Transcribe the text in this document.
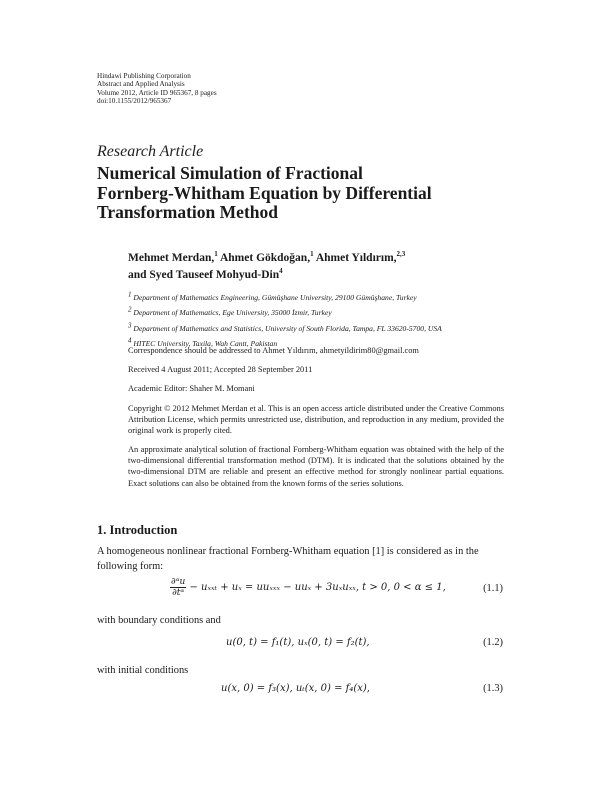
Hindawi Publishing Corporation
Abstract and Applied Analysis
Volume 2012, Article ID 965367, 8 pages
doi:10.1155/2012/965367
Research Article
Numerical Simulation of Fractional
Fornberg-Whitham Equation by Differential
Transformation Method
Mehmet Merdan,$^1$ Ahmet Gökdoğan,$^1$ Ahmet Yıldırım,$^{2,3}$
and Syed Tauseef Mohyud-Din$^4$
$^1$ Department of Mathematics Engineering, Gümüşhane University, 29100 Gümüşhane, Turkey
$^2$ Department of Mathematics, Ege University, 35000 İzmir, Turkey
$^3$ Department of Mathematics and Statistics, University of South Florida, Tampa, FL 33620-5700, USA
$^4$ HITEC University, Taxila, Wah Cantt, Pakistan
Correspondence should be addressed to Ahmet Yıldırım, ahmetyildirim80@gmail.com
Received 4 August 2011; Accepted 28 September 2011
Academic Editor: Shaher M. Momani
Copyright © 2012 Mehmet Merdan et al. This is an open access article distributed under the Creative Commons Attribution License, which permits unrestricted use, distribution, and reproduction in any medium, provided the original work is properly cited.
An approximate analytical solution of fractional Fornberg-Whitham equation was obtained with the help of the two-dimensional differential transformation method (DTM). It is indicated that the solutions obtained by the two-dimensional DTM are reliable and present an effective method for strongly nonlinear partial equations. Exact solutions can also be obtained from the known forms of the series solutions.
1. Introduction
A homogeneous nonlinear fractional Fornberg-Whitham equation [1] is considered as in the following form:
$\frac{\text{∂ᵅu}}{\text{∂tᵅ}} - u_{xxt} + u_x = uu_{xxx} - uu_x + 3u_xu_{xx}$, t > 0, 0 < α ≤ 1,	(1.1)
with boundary conditions and
u(0, t) = f₁(t), uₓ(0, t) = f₂(t),	(1.2)
with initial conditions
u(x, 0) = f₃(x), uₜ(x, 0) = f₄(x),	(1.3)
